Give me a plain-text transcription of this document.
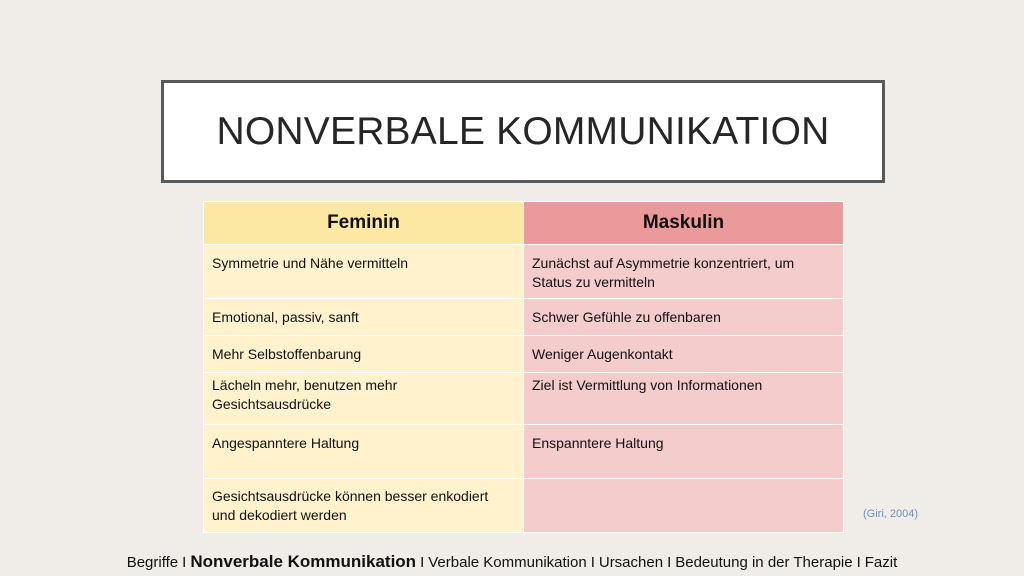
NONVERBALE KOMMUNIKATION
Feminin	Maskulin
Symmetrie und Nähe vermitteln	Zunächst auf Asymmetrie konzentriert, um Status zu vermitteln
Emotional, passiv, sanft	Schwer Gefühle zu offenbaren
Mehr Selbstoffenbarung	Weniger Augenkontakt
Lächeln mehr, benutzen mehr Gesichtsausdrücke	Ziel ist Vermittlung von Informationen
Angespanntere Haltung	Enspanntere Haltung
Gesichtsausdrücke können besser enkodiert und dekodiert werden		(Giri, 2004)
Begriffe I Nonverbale Kommunikation I Verbale Kommunikation I Ursachen I Bedeutung in der Therapie I Fazit
